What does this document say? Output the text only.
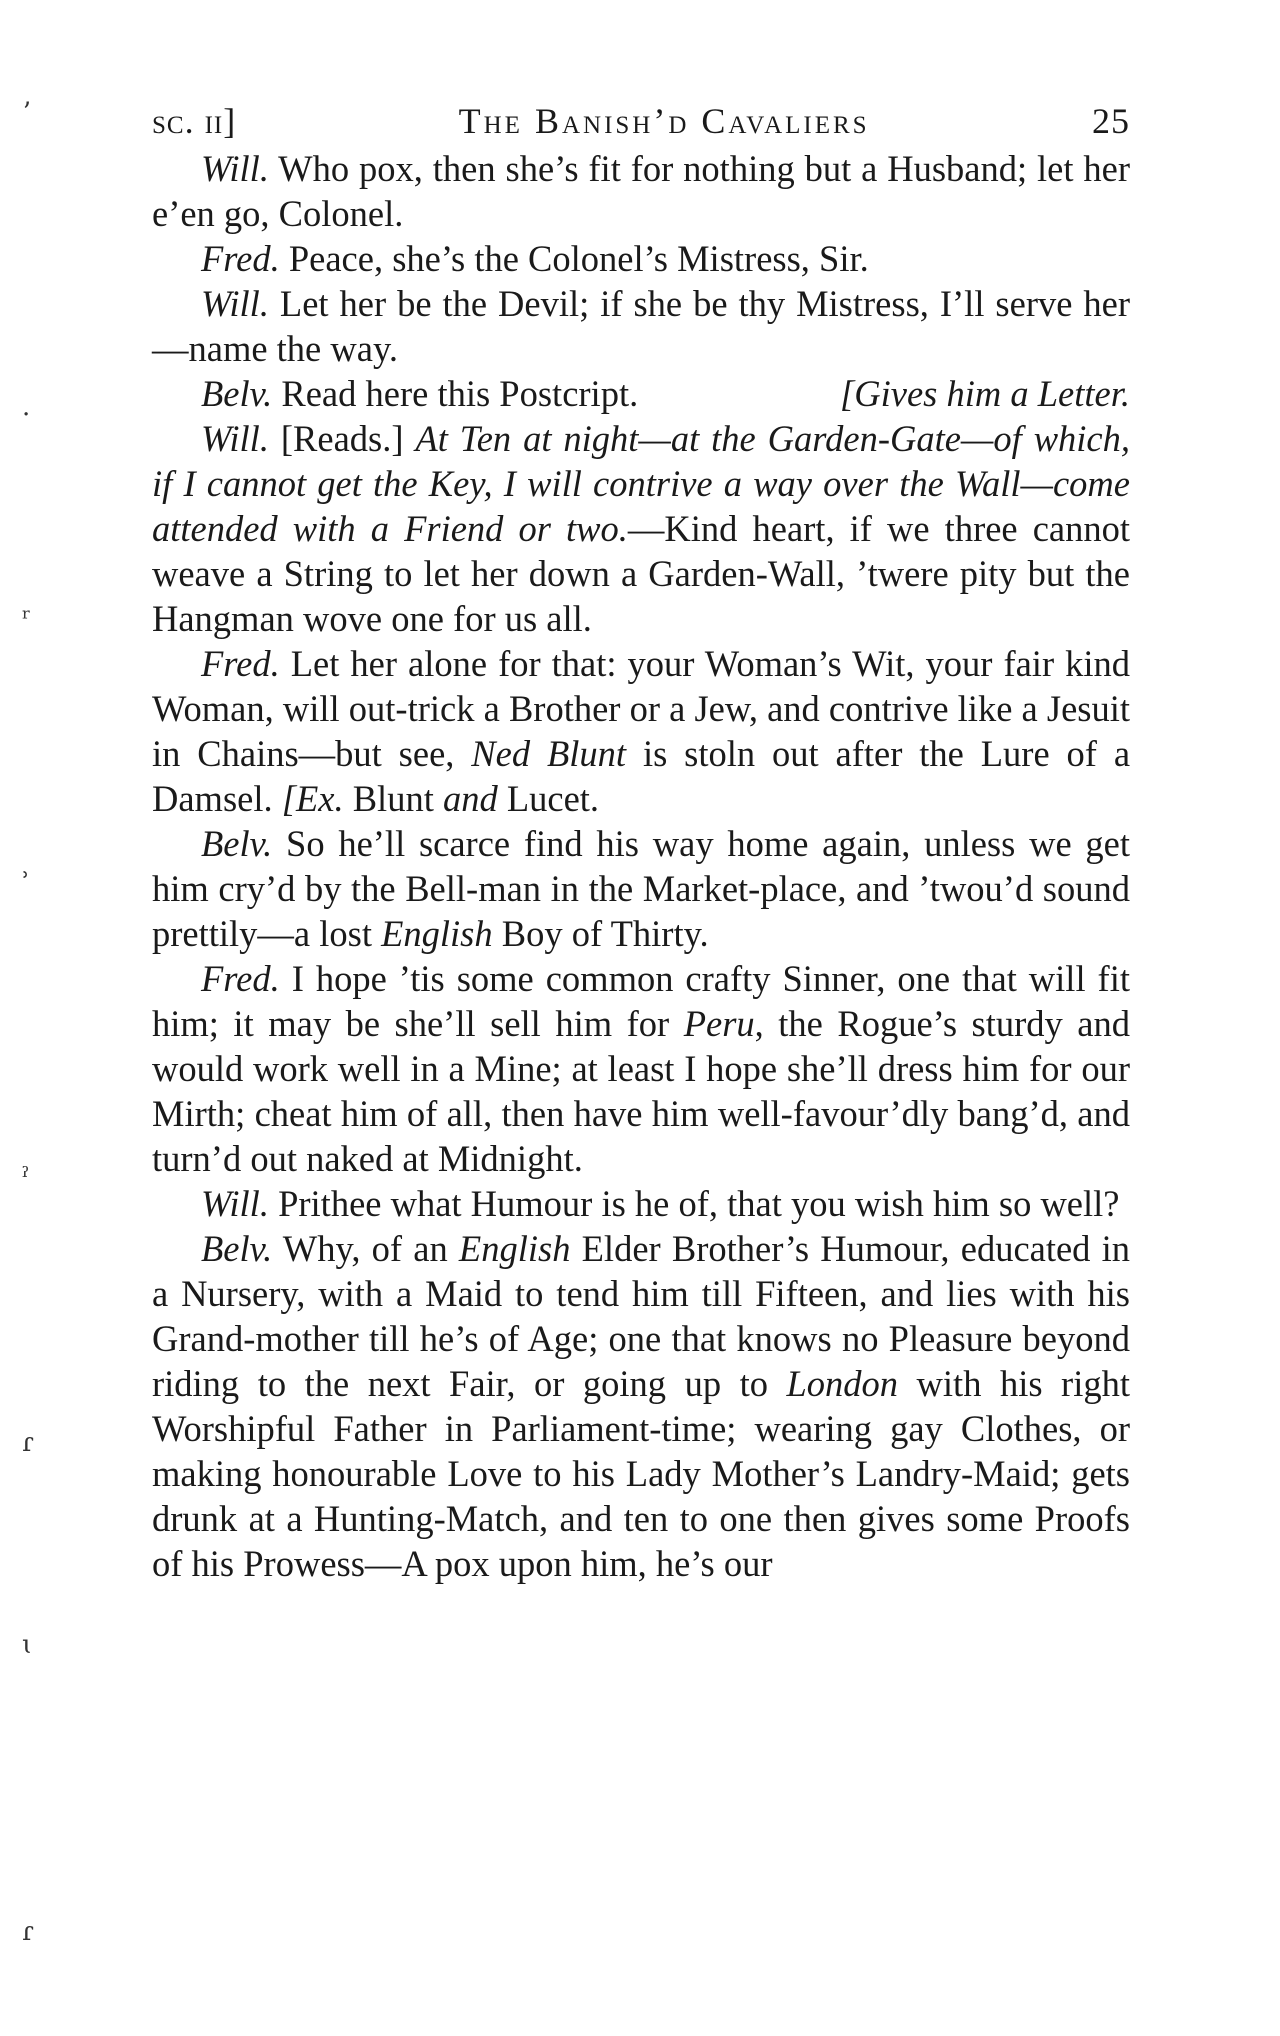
ʼ
·
ʳ
ʾ
ˀ
ɾ
ɩ
ɾ
sc. ii]	The Banish’d Cavaliers	25

Will. Who pox, then she’s fit for nothing but a Husband; let her e’en go, Colonel.

Fred. Peace, she’s the Colonel’s Mistress, Sir.

Will. Let her be the Devil; if she be thy Mistress, I’ll serve her—name the way.

Belv. Read here this Postcript.	[Gives him a Letter.

Will. [Reads.] At Ten at night—at the Garden-Gate—of which, if I cannot get the Key, I will contrive a way over the Wall—come attended with a Friend or two.—Kind heart, if we three cannot weave a String to let her down a Garden-Wall, ’twere pity but the Hangman wove one for us all.

Fred. Let her alone for that: your Woman’s Wit, your fair kind Woman, will out-trick a Brother or a Jew, and contrive like a Jesuit in Chains—but see, Ned Blunt is stoln out after the Lure of a Damsel. [Ex. Blunt and Lucet.

Belv. So he’ll scarce find his way home again, unless we get him cry’d by the Bell-man in the Market-place, and ’twou’d sound prettily—a lost English Boy of Thirty.

Fred. I hope ’tis some common crafty Sinner, one that will fit him; it may be she’ll sell him for Peru, the Rogue’s sturdy and would work well in a Mine; at least I hope she’ll dress him for our Mirth; cheat him of all, then have him well-favour’dly bang’d, and turn’d out naked at Midnight.

Will. Prithee what Humour is he of, that you wish him so well?

Belv. Why, of an English Elder Brother’s Humour, educated in a Nursery, with a Maid to tend him till Fifteen, and lies with his Grand-mother till he’s of Age; one that knows no Pleasure beyond riding to the next Fair, or going up to London with his right Worshipful Father in Parliament-time; wearing gay Clothes, or making honourable Love to his Lady Mother’s Landry-Maid; gets drunk at a Hunting-Match, and ten to one then gives some Proofs of his Prowess—A pox upon him, he’s our
